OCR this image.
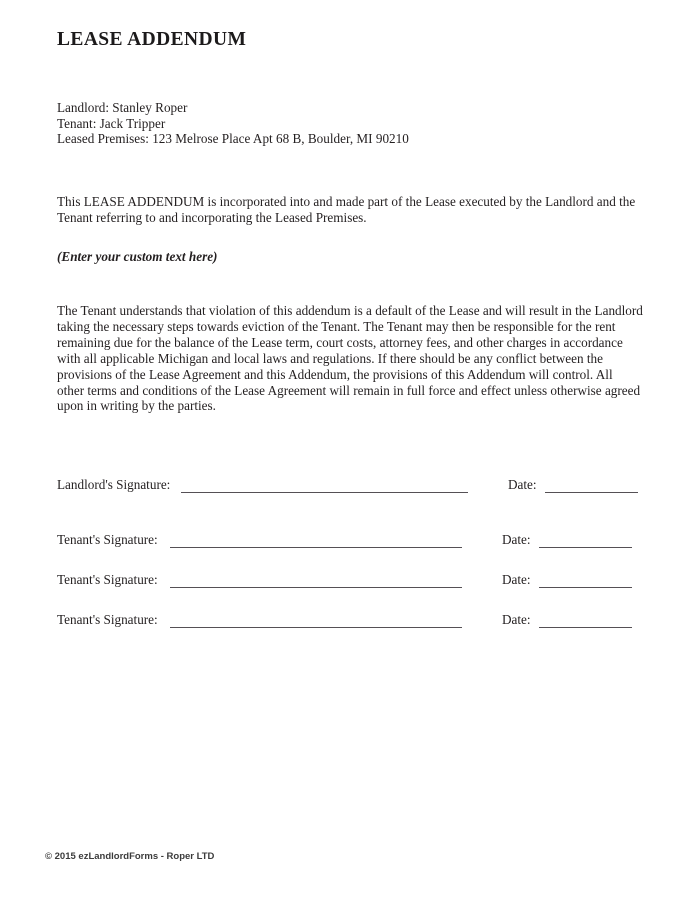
LEASE ADDENDUM
Landlord: Stanley Roper
Tenant: Jack Tripper
Leased Premises: 123 Melrose Place Apt 68 B, Boulder, MI 90210
This LEASE ADDENDUM is incorporated into and made part of the Lease executed by the Landlord and the Tenant referring to and incorporating the Leased Premises.
(Enter your custom text here)
The Tenant understands that violation of this addendum is a default of the Lease and will result in the Landlord taking the necessary steps towards eviction of the Tenant. The Tenant may then be responsible for the rent remaining due for the balance of the Lease term, court costs, attorney fees, and other charges in accordance with all applicable Michigan and local laws and regulations. If there should be any conflict between the provisions of the Lease Agreement and this Addendum, the provisions of this Addendum will control. All other terms and conditions of the Lease Agreement will remain in full force and effect unless otherwise agreed upon in writing by the parties.
Landlord's Signature:	Date:
Tenant's Signature:	Date:
Tenant's Signature:	Date:
Tenant's Signature:	Date:
© 2015 ezLandlordForms - Roper LTD
